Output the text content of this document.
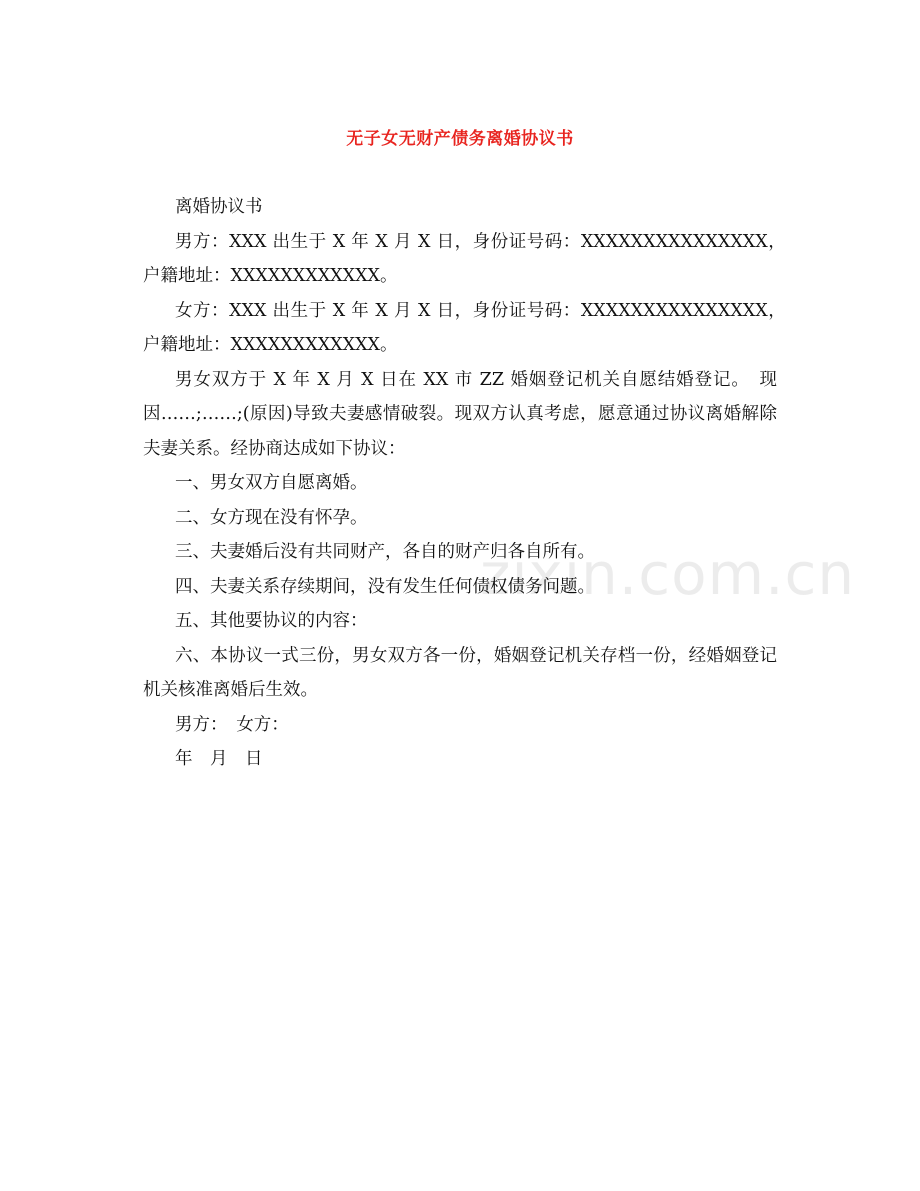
无子女无财产债务离婚协议书

离婚协议书

男方：XXX 出生于 X 年 X 月 X 日，身份证号码：XXXXXXXXXXXXXXX，　户籍地址：XXXXXXXXXXXX。

女方：XXX 出生于 X 年 X 月 X 日，身份证号码：XXXXXXXXXXXXXXX，　户籍地址：XXXXXXXXXXXX。

男女双方于 X 年 X 月 X 日在 XX 市 ZZ 婚姻登记机关自愿结婚登记。　现因……;……;(原因)导致夫妻感情破裂。现双方认真考虑，愿意通过协议离婚解除夫妻关系。经协商达成如下协议：

一、男女双方自愿离婚。

二、女方现在没有怀孕。

三、夫妻婚后没有共同财产，各自的财产归各自所有。

四、夫妻关系存续期间，没有发生任何债权债务问题。

五、其他要协议的内容：

六、本协议一式三份，男女双方各一份，婚姻登记机关存档一份，经婚姻登记机关核准离婚后生效。

男方：　女方：

年　月　日

zixin.com.cn
